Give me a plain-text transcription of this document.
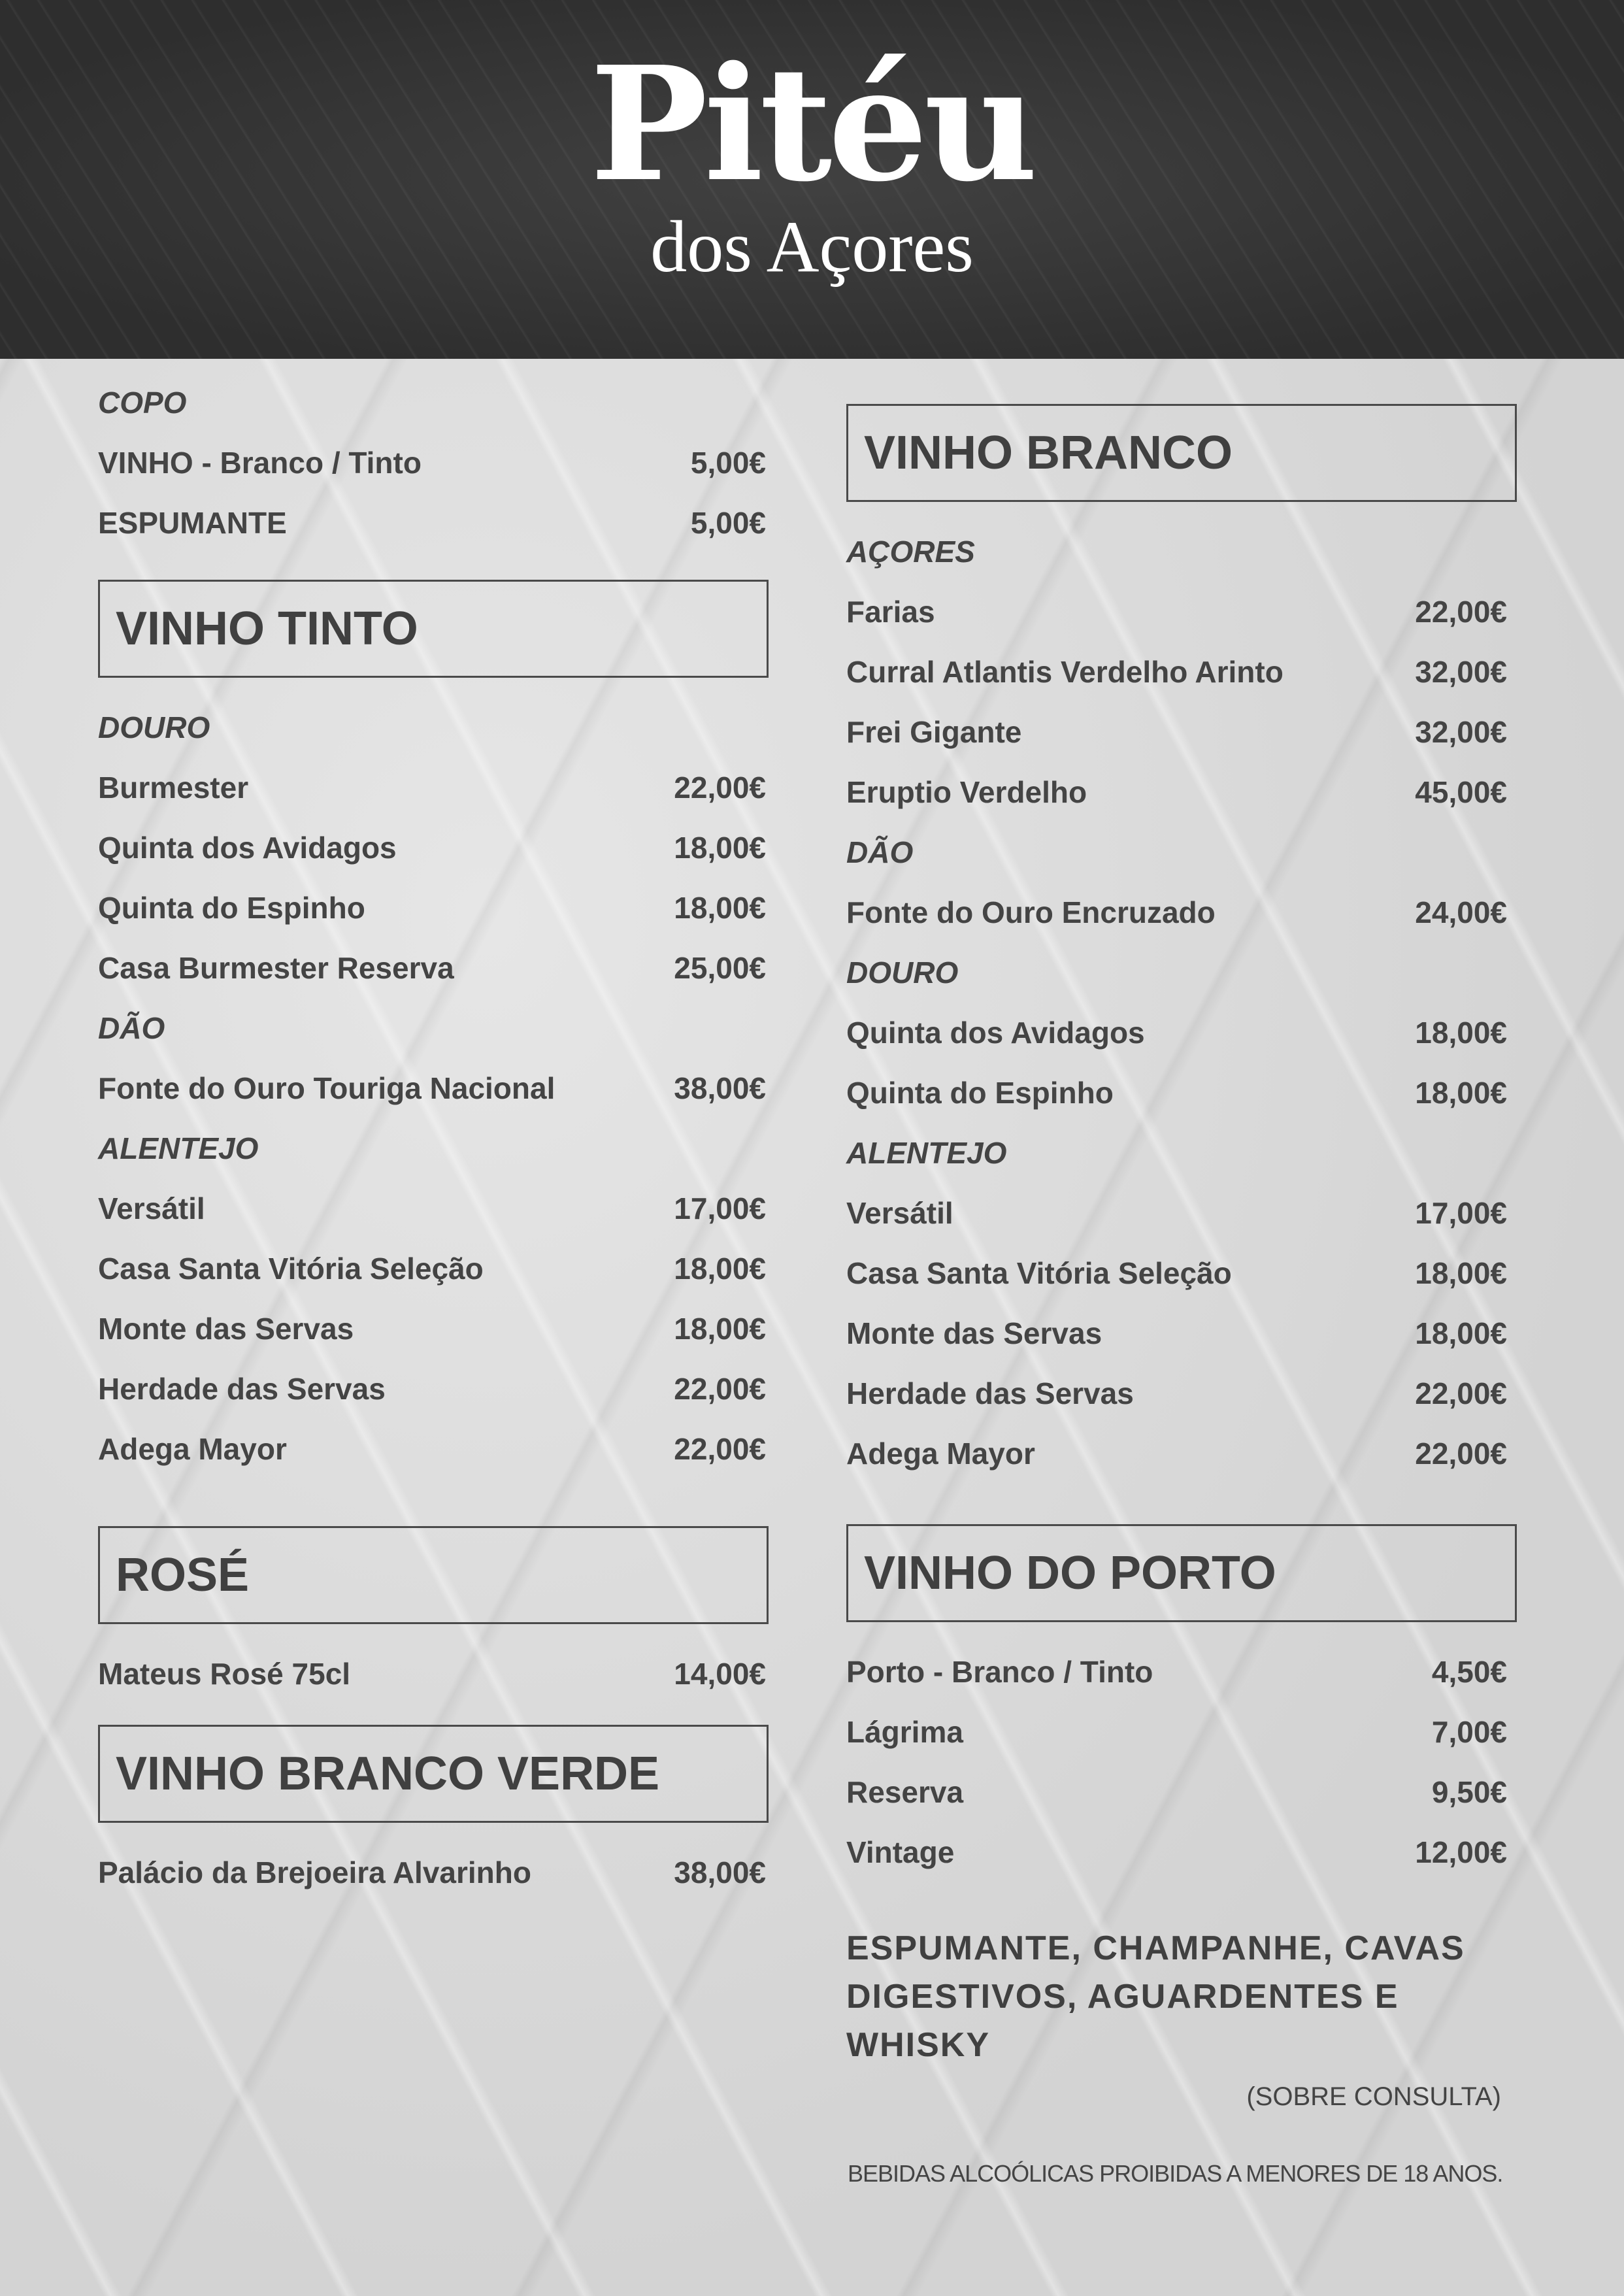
Pitéu
dos Açores
COPO
VINHO - Branco / Tinto	5,00€
ESPUMANTE	5,00€
VINHO TINTO
DOURO
Burmester	22,00€
Quinta dos Avidagos	18,00€
Quinta do Espinho	18,00€
Casa Burmester Reserva	25,00€
DÃO
Fonte do Ouro Touriga Nacional	38,00€
ALENTEJO
Versátil	17,00€
Casa Santa Vitória Seleção	18,00€
Monte das Servas	18,00€
Herdade das Servas	22,00€
Adega Mayor	22,00€
ROSÉ
Mateus Rosé 75cl	14,00€
VINHO BRANCO VERDE
Palácio da Brejoeira Alvarinho	38,00€
VINHO BRANCO
AÇORES
Farias	22,00€
Curral Atlantis Verdelho Arinto	32,00€
Frei Gigante	32,00€
Eruptio Verdelho	45,00€
DÃO
Fonte do Ouro Encruzado	24,00€
DOURO
Quinta dos Avidagos	18,00€
Quinta do Espinho	18,00€
ALENTEJO
Versátil	17,00€
Casa Santa Vitória Seleção	18,00€
Monte das Servas	18,00€
Herdade das Servas	22,00€
Adega Mayor	22,00€
VINHO DO PORTO
Porto - Branco / Tinto	4,50€
Lágrima	7,00€
Reserva	9,50€
Vintage	12,00€
ESPUMANTE, CHAMPANHE, CAVAS
DIGESTIVOS, AGUARDENTES E WHISKY
(SOBRE CONSULTA)
BEBIDAS ALCOÓLICAS PROIBIDAS A MENORES DE 18 ANOS.
